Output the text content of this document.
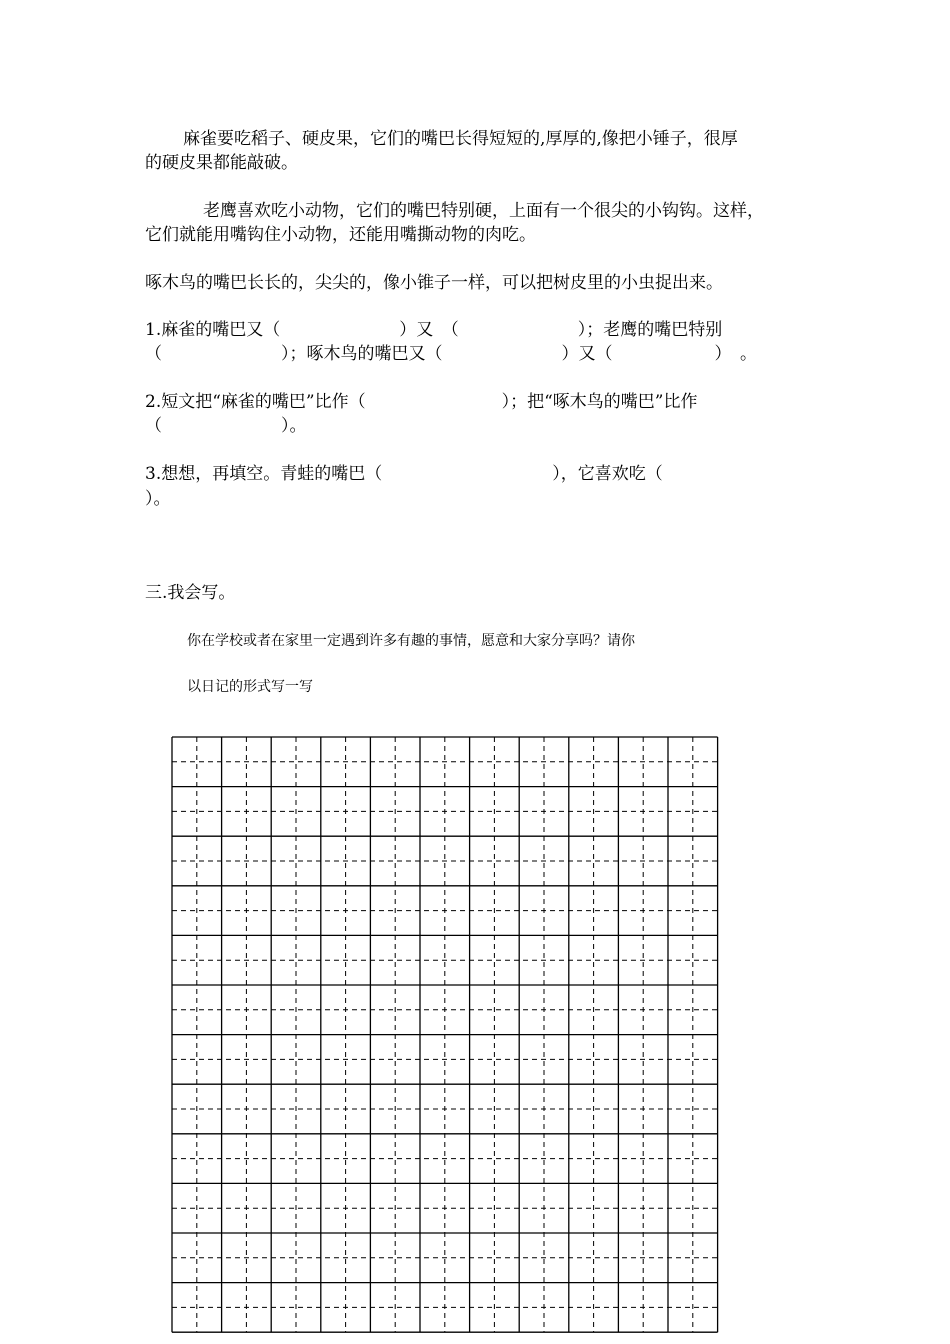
麻雀要吃稻子、硬皮果，它们的嘴巴长得短短的,厚厚的,像把小锤子，很厚
的硬皮果都能敲破。
老鹰喜欢吃小动物，它们的嘴巴特别硬，上面有一个很尖的小钩钩。这样，
它们就能用嘴钩住小动物，还能用嘴撕动物的肉吃。
啄木鸟的嘴巴长长的，尖尖的，像小锥子一样，可以把树皮里的小虫捉出来。
1.麻雀的嘴巴又（　　　　　　　）又　（　　　　　　　）；老鹰的嘴巴特别
（　　　　　　　）；啄木鸟的嘴巴又（　　　　　　　）又（　　　　　　）　。
2.短文把“麻雀的嘴巴”比作（　　　　　　　　）；把“啄木鸟的嘴巴”比作
（　　　　　　　）。
3.想想，再填空。青蛙的嘴巴（　　　　　　　　　　），它喜欢吃（
）。
三.我会写。
你在学校或者在家里一定遇到许多有趣的事情，愿意和大家分享吗？请你
以日记的形式写一写
